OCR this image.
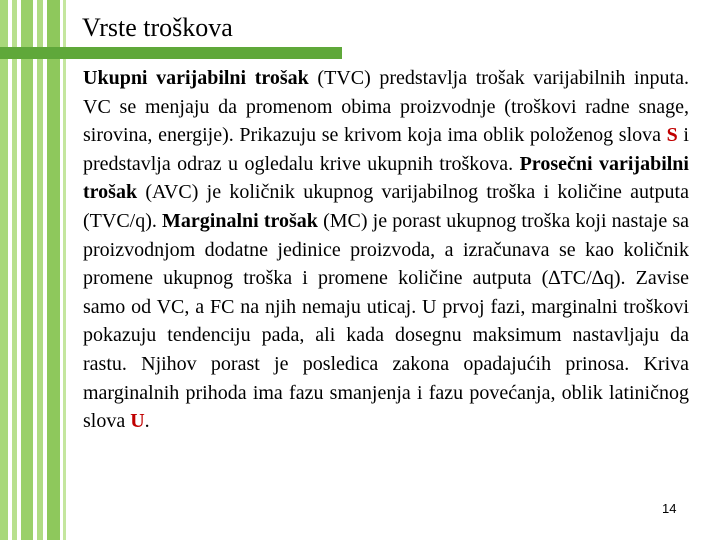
Vrste troškova
Ukupni varijabilni trošak (TVC) predstavlja trošak varijabilnih inputa. VC se menjaju da promenom obima proizvodnje (troškovi radne snage, sirovina, energije). Prikazuju se krivom koja ima oblik položenog slova S i predstavlja odraz u ogledalu krive ukupnih troškova. Prosečni varijabilni trošak (AVC) je količnik ukupnog varijabilnog troška i količine autputa (TVC/q). Marginalni trošak (MC) je porast ukupnog troška koji nastaje sa proizvodnjom dodatne jedinice proizvoda, a izračunava se kao količnik promene ukupnog troška i promene količine autputa (∆TC/∆q). Zavise samo od VC, a FC na njih nemaju uticaj. U prvoj fazi, marginalni troškovi pokazuju tendenciju pada, ali kada dosegnu maksimum nastavljaju da rastu. Njihov porast je posledica zakona opadajućih prinosa. Kriva marginalnih prihoda ima fazu smanjenja i fazu povećanja, oblik latiničnog slova U.
14
